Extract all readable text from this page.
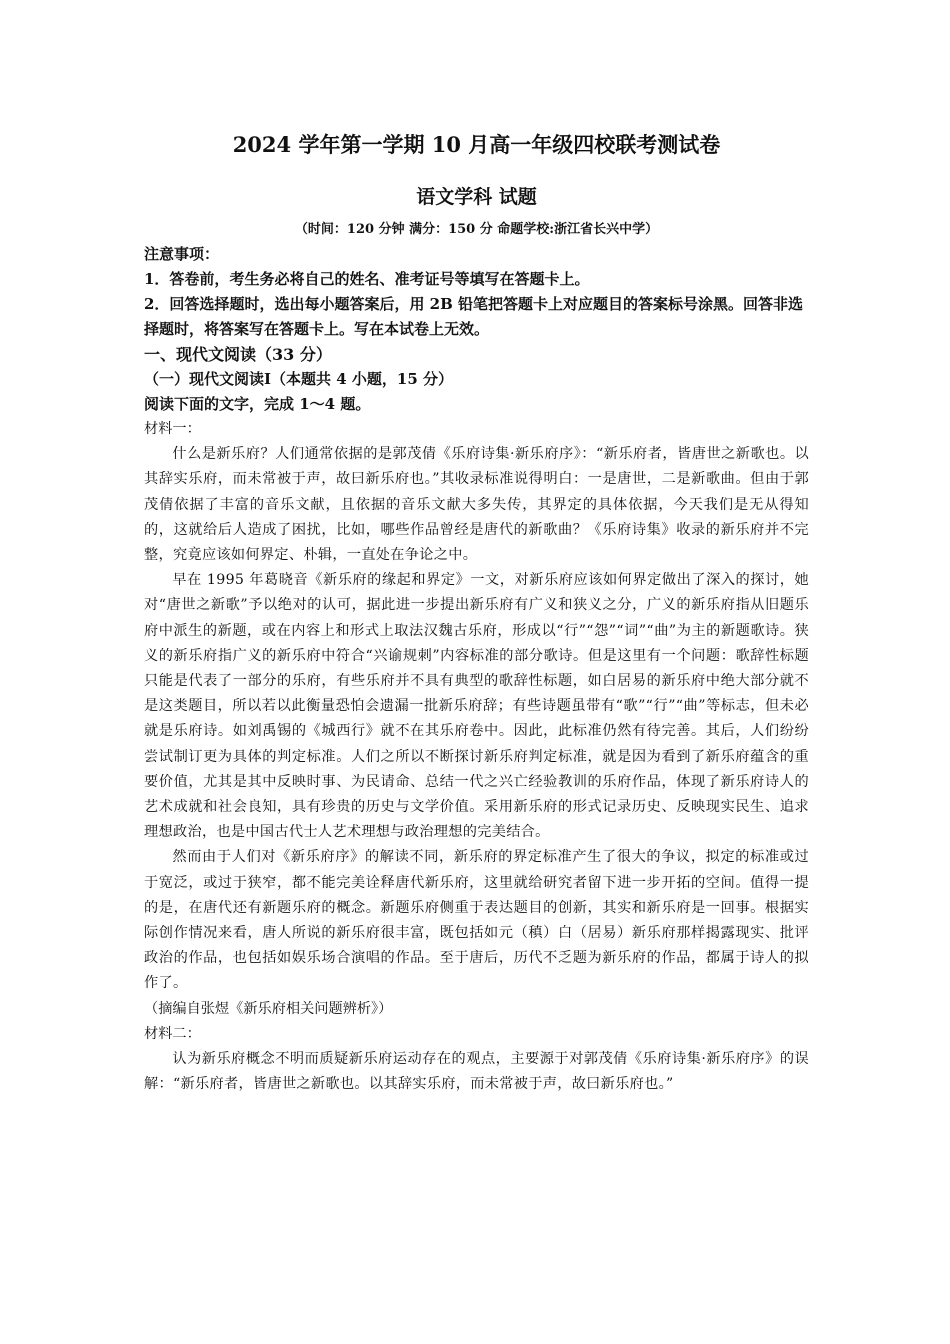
2024 学年第一学期 10 月高一年级四校联考测试卷
语文学科 试题

（时间：120 分钟 满分：150 分 命题学校:浙江省长兴中学）

注意事项：

1．答卷前，考生务必将自己的姓名、准考证号等填写在答题卡上。

2．回答选择题时，选出每小题答案后，用 2B 铅笔把答题卡上对应题目的答案标号涂黑。回答非选择题时，将答案写在答题卡上。写在本试卷上无效。

一、现代文阅读（33 分）

（一）现代文阅读Ⅰ（本题共 4 小题，15 分）

阅读下面的文字，完成 1～4 题。

材料一：

什么是新乐府？人们通常依据的是郭茂倩《乐府诗集·新乐府序》：“新乐府者，皆唐世之新歌也。以其辞实乐府，而未常被于声，故曰新乐府也。”其收录标准说得明白：一是唐世，二是新歌曲。但由于郭茂倩依据了丰富的音乐文献，且依据的音乐文献大多失传，其界定的具体依据，今天我们是无从得知的，这就给后人造成了困扰，比如，哪些作品曾经是唐代的新歌曲？《乐府诗集》收录的新乐府并不完整，究竟应该如何界定、朴辑，一直处在争论之中。

早在 1995 年葛晓音《新乐府的缘起和界定》一文，对新乐府应该如何界定做出了深入的探讨，她对“唐世之新歌”予以绝对的认可，据此进一步提出新乐府有广义和狭义之分，广义的新乐府指从旧题乐府中派生的新题，或在内容上和形式上取法汉魏古乐府，形成以“行”“怨”“词”“曲”为主的新题歌诗。狭义的新乐府指广义的新乐府中符合“兴谕规刺”内容标准的部分歌诗。但是这里有一个问题：歌辞性标题只能是代表了一部分的乐府，有些乐府并不具有典型的歌辞性标题，如白居易的新乐府中绝大部分就不是这类题目，所以若以此衡量恐怕会遗漏一批新乐府辞；有些诗题虽带有“歌”“行”“曲”等标志，但未必就是乐府诗。如刘禹锡的《城西行》就不在其乐府卷中。因此，此标准仍然有待完善。其后，人们纷纷尝试制订更为具体的判定标准。人们之所以不断探讨新乐府判定标准，就是因为看到了新乐府蕴含的重要价值，尤其是其中反映时事、为民请命、总结一代之兴亡经验教训的乐府作品，体现了新乐府诗人的艺术成就和社会良知，具有珍贵的历史与文学价值。采用新乐府的形式记录历史、反映现实民生、追求理想政治，也是中国古代士人艺术理想与政治理想的完美结合。

然而由于人们对《新乐府序》的解读不同，新乐府的界定标准产生了很大的争议，拟定的标准或过于宽泛，或过于狭窄，都不能完美诠释唐代新乐府，这里就给研究者留下进一步开拓的空间。值得一提的是，在唐代还有新题乐府的概念。新题乐府侧重于表达题目的创新，其实和新乐府是一回事。根据实际创作情况来看，唐人所说的新乐府很丰富，既包括如元（稹）白（居易）新乐府那样揭露现实、批评政治的作品，也包括如娱乐场合演唱的作品。至于唐后，历代不乏题为新乐府的作品，都属于诗人的拟作了。

（摘编自张煜《新乐府相关问题辨析》）

材料二：

认为新乐府概念不明而质疑新乐府运动存在的观点，主要源于对郭茂倩《乐府诗集·新乐府序》的误解：“新乐府者，皆唐世之新歌也。以其辞实乐府，而未常被于声，故曰新乐府也。”
